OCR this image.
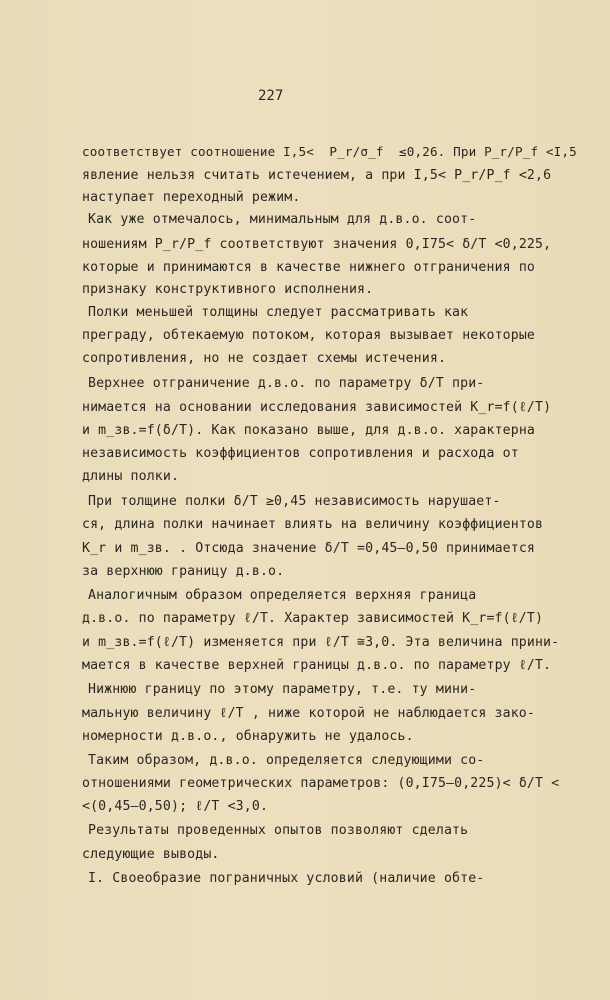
227
соответствует соотношение I,5<  P_r/σ_f  ≤0,26. При P_r/P_f <I,5
явление нельзя считать истечением, а при I,5< P_r/P_f <2,6
наступает переходный режим.
Как уже отмечалось, минимальным для д.в.о. соот-
ношениям P_r/P_f соответствуют значения 0,I75< δ/T <0,225,
которые и принимаются в качестве нижнего отграничения по
признаку конструктивного исполнения.
Полки меньшей толщины следует рассматривать как
преграду, обтекаемую потоком, которая вызывает некоторые
сопротивления, но не создает схемы истечения.
Верхнее отграничение д.в.о. по параметру δ/T при-
нимается на основании исследования зависимостей K_r=f(ℓ/T)
и m_зв.=f(δ/T). Как показано выше, для д.в.о. характерна
независимость коэффициентов сопротивления и расхода от
длины полки.
При толщине полки δ/T ≥0,45 независимость нарушает-
ся, длина полки начинает влиять на величину коэффициентов
K_r и m_зв. . Отсюда значение δ/T =0,45–0,50 принимается
за верхнюю границу д.в.о.
Аналогичным образом определяется верхняя граница
д.в.о. по параметру ℓ/T. Характер зависимостей K_r=f(ℓ/T)
и m_зв.=f(ℓ/T) изменяется при ℓ/T ≅3,0. Эта величина прини-
мается в качестве верхней границы д.в.о. по параметру ℓ/T.
Нижнюю границу по этому параметру, т.е. ту мини-
мальную величину ℓ/T , ниже которой не наблюдается зако-
номерности д.в.о., обнаружить не удалось.
Таким образом, д.в.о. определяется следующими со-
отношениями геометрических параметров: (0,I75–0,225)< δ/T <
<(0,45–0,50); ℓ/T <3,0.
Результаты проведенных опытов позволяют сделать
следующие выводы.
I. Своеобразие пограничных условий (наличие обте-
